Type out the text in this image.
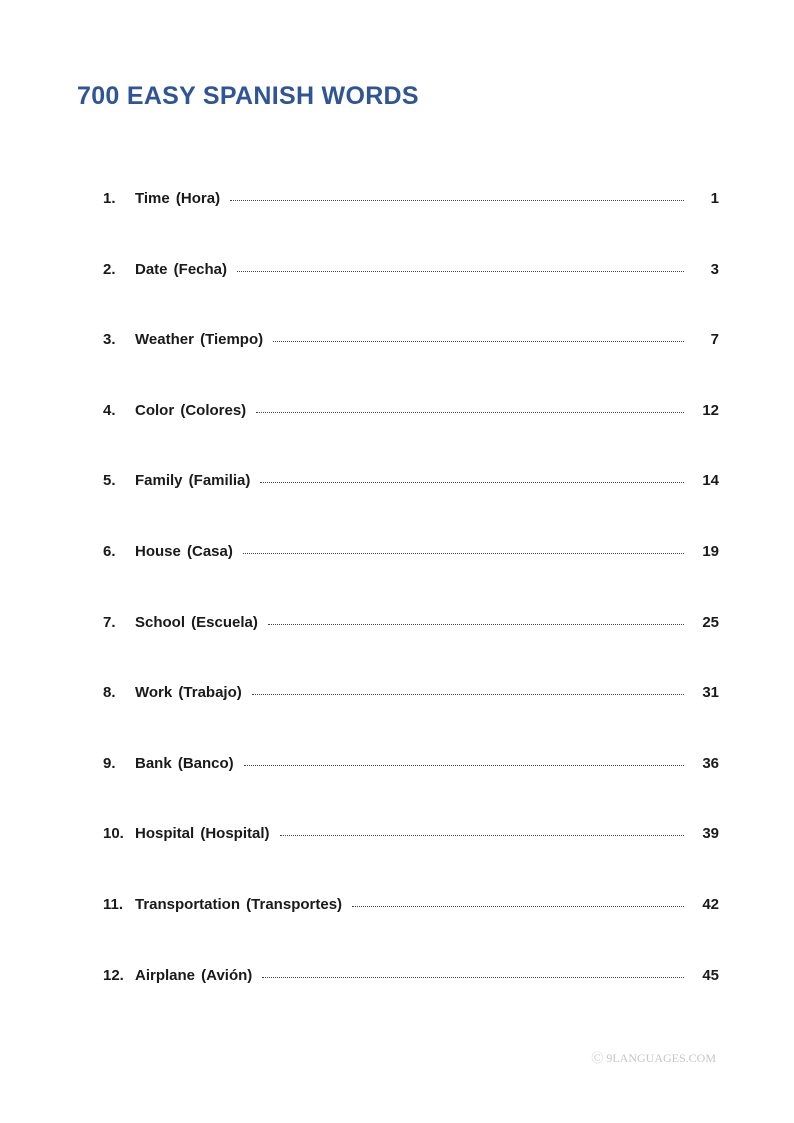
700 EASY SPANISH WORDS
1.	Time (Hora)	1
2.	Date (Fecha)	3
3.	Weather (Tiempo)	7
4.	Color (Colores)	12
5.	Family (Familia)	14
6.	House (Casa)	19
7.	School (Escuela)	25
8.	Work (Trabajo)	31
9.	Bank (Banco)	36
10. Hospital (Hospital)	39
11. Transportation (Transportes)	42
12. Airplane (Avión)	45
Ⓒ 9LANGUAGES.COM
